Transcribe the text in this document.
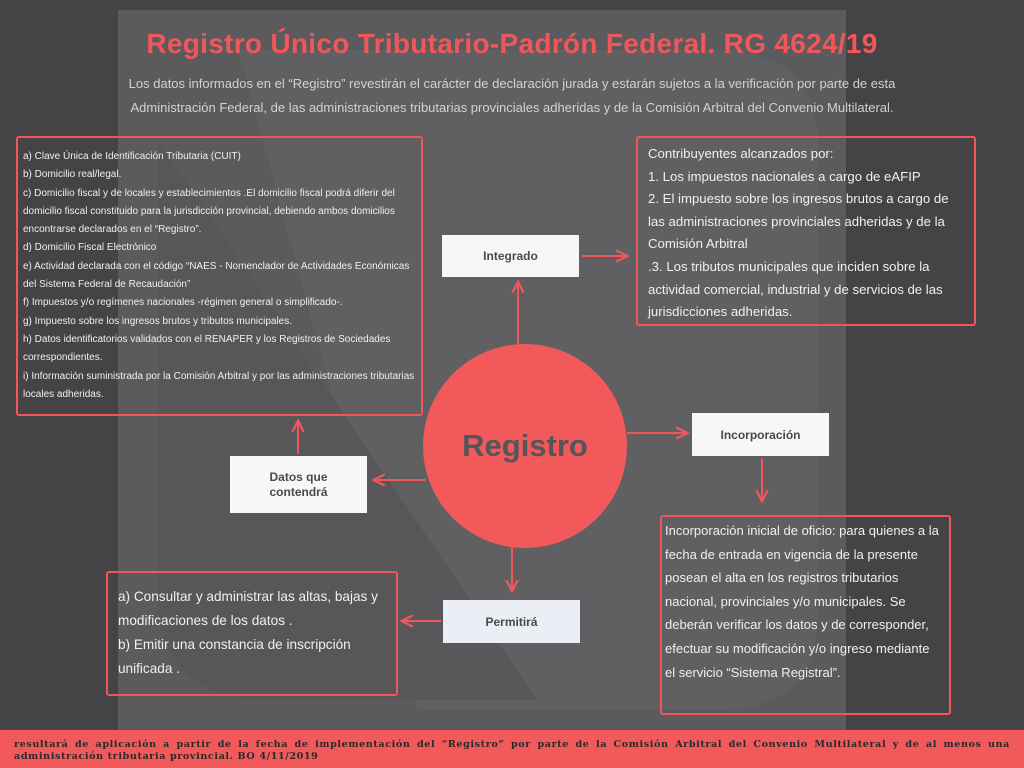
Registro Único Tributario-Padrón Federal. RG 4624/19
Los datos informados en el “Registro” revestirán el carácter de declaración jurada y estarán sujetos a la verificación por parte de esta
Administración Federal, de las administraciones tributarias provinciales adheridas y de la Comisión Arbitral del Convenio Multilateral.

a) Clave Única de Identificación Tributaria (CUIT)

b) Domicilio real/legal.

c) Domicilio fiscal y de locales y establecimientos .El domicilio fiscal podrá diferir del domicilio fiscal constituido para la jurisdicción provincial, debiendo ambos domicilios encontrarse declarados en el “Registro”.

d) Domicilio Fiscal Electrónico

e) Actividad declarada con el código “NAES - Nomenclador de Actividades Económicas del Sistema Federal de Recaudación”

f) Impuestos y/o regímenes nacionales -régimen general o simplificado-.

g) Impuesto sobre los ingresos brutos y tributos municipales.

h) Datos identificatorios validados con el RENAPER y los Registros de Sociedades correspondientes.

i) Información suministrada por la Comisión Arbitral y por las administraciones tributarias locales adheridas.

Contribuyentes alcanzados por:

1. Los impuestos nacionales a cargo de eAFIP

2. El impuesto sobre los ingresos brutos a cargo de las administraciones provinciales adheridas y de la Comisión Arbitral

.3. Los tributos municipales que inciden sobre la actividad comercial, industrial y de servicios de las jurisdicciones adheridas.

a) Consultar y administrar las altas, bajas y modificaciones de los datos .

b) Emitir una constancia de inscripción unificada .

Incorporación inicial de oficio: para quienes a la fecha de entrada en vigencia de la presente posean el alta en los registros tributarios nacional, provinciales y/o municipales. Se deberán verificar los datos y de corresponder, efectuar su modificación y/o ingreso mediante el servicio “Sistema Registral”.

Integrado
Incorporación
Datos que
contendrá
Permitirá
Registro
resultará de aplicación a partir de la fecha de implementación del “Registro” por parte de la Comisión Arbitral del Convenio Multilateral y de al menos una administración tributaria provincial. BO 4/11/2019
